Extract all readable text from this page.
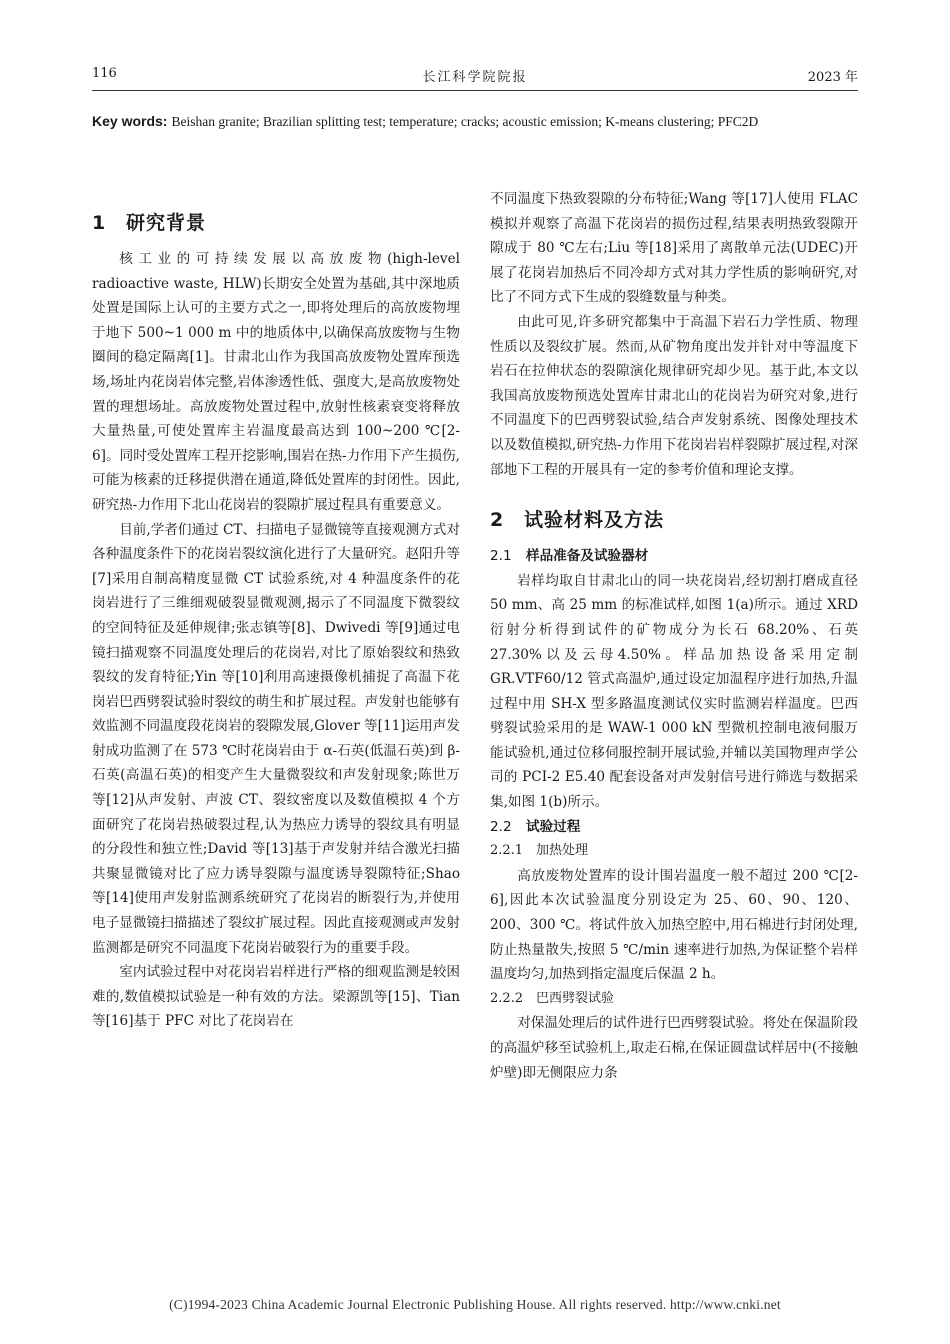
116	长江科学院院报	2023 年
Key words: Beishan granite; Brazilian splitting test; temperature; cracks; acoustic emission; K-means clustering; PFC2D
1 研究背景

核工业的可持续发展以高放废物(high-level radioactive waste, HLW)长期安全处置为基础,其中深地质处置是国际上认可的主要方式之一,即将处理后的高放废物埋于地下 500~1 000 m 中的地质体中,以确保高放废物与生物圈间的稳定隔离[1]。甘肃北山作为我国高放废物处置库预选场,场址内花岗岩体完整,岩体渗透性低、强度大,是高放废物处置的理想场址。高放废物处置过程中,放射性核素衰变将释放大量热量,可使处置库主岩温度最高达到 100~200 ℃[2-6]。同时受处置库工程开挖影响,围岩在热-力作用下产生损伤,可能为核素的迁移提供潜在通道,降低处置库的封闭性。因此,研究热-力作用下北山花岗岩的裂隙扩展过程具有重要意义。

目前,学者们通过 CT、扫描电子显微镜等直接观测方式对各种温度条件下的花岗岩裂纹演化进行了大量研究。赵阳升等[7]采用自制高精度显微 CT 试验系统,对 4 种温度条件的花岗岩进行了三维细观破裂显微观测,揭示了不同温度下微裂纹的空间特征及延伸规律;张志镇等[8]、Dwivedi 等[9]通过电镜扫描观察不同温度处理后的花岗岩,对比了原始裂纹和热致裂纹的发育特征;Yin 等[10]利用高速摄像机捕捉了高温下花岗岩巴西劈裂试验时裂纹的萌生和扩展过程。声发射也能够有效监测不同温度段花岗岩的裂隙发展,Glover 等[11]运用声发射成功监测了在 573 ℃时花岗岩由于 α-石英(低温石英)到 β-石英(高温石英)的相变产生大量微裂纹和声发射现象;陈世万等[12]从声发射、声波 CT、裂纹密度以及数值模拟 4 个方面研究了花岗岩热破裂过程,认为热应力诱导的裂纹具有明显的分段性和独立性;David 等[13]基于声发射并结合激光扫描共聚显微镜对比了应力诱导裂隙与温度诱导裂隙特征;Shao 等[14]使用声发射监测系统研究了花岗岩的断裂行为,并使用电子显微镜扫描描述了裂纹扩展过程。因此直接观测或声发射监测都是研究不同温度下花岗岩破裂行为的重要手段。

室内试验过程中对花岗岩岩样进行严格的细观监测是较困难的,数值模拟试验是一种有效的方法。梁源凯等[15]、Tian 等[16]基于 PFC 对比了花岗岩在

不同温度下热致裂隙的分布特征;Wang 等[17]人使用 FLAC 模拟并观察了高温下花岗岩的损伤过程,结果表明热致裂隙开隙成于 80 ℃左右;Liu 等[18]采用了离散单元法(UDEC)开展了花岗岩加热后不同冷却方式对其力学性质的影响研究,对比了不同方式下生成的裂缝数量与种类。

由此可见,许多研究都集中于高温下岩石力学性质、物理性质以及裂纹扩展。然而,从矿物角度出发并针对中等温度下岩石在拉伸状态的裂隙演化规律研究却少见。基于此,本文以我国高放废物预选处置库甘肃北山的花岗岩为研究对象,进行不同温度下的巴西劈裂试验,结合声发射系统、图像处理技术以及数值模拟,研究热-力作用下花岗岩岩样裂隙扩展过程,对深部地下工程的开展具有一定的参考价值和理论支撑。

2 试验材料及方法
2.1 样品准备及试验器材

岩样均取自甘肃北山的同一块花岗岩,经切割打磨成直径 50 mm、高 25 mm 的标准试样,如图 1(a)所示。通过 XRD 衍射分析得到试件的矿物成分为长石 68.20%、石英 27.30%以及云母4.50%。样品加热设备采用定制 GR.VTF60/12 管式高温炉,通过设定加温程序进行加热,升温过程中用 SH-X 型多路温度测试仪实时监测岩样温度。巴西劈裂试验采用的是 WAW-1 000 kN 型微机控制电液伺服万能试验机,通过位移伺服控制开展试验,并辅以美国物理声学公司的 PCI-2 E5.40 配套设备对声发射信号进行筛选与数据采集,如图 1(b)所示。

2.2 试验过程
2.2.1 加热处理

高放废物处置库的设计围岩温度一般不超过 200 ℃[2-6],因此本次试验温度分别设定为 25、60、90、120、200、300 ℃。将试件放入加热空腔中,用石棉进行封闭处理,防止热量散失,按照 5 ℃/min 速率进行加热,为保证整个岩样温度均匀,加热到指定温度后保温 2 h。

2.2.2 巴西劈裂试验

对保温处理后的试件进行巴西劈裂试验。将处在保温阶段的高温炉移至试验机上,取走石棉,在保证圆盘试样居中(不接触炉壁)即无侧限应力条

(C)1994-2023 China Academic Journal Electronic Publishing House. All rights reserved. http://www.cnki.net
